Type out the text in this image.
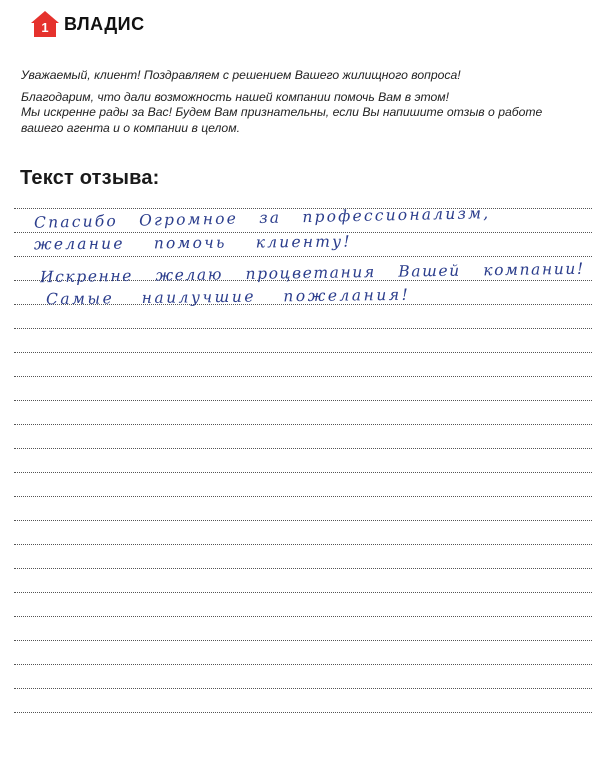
1 ВЛАДИС

Уважаемый, клиент! Поздравляем с решением Вашего жилищного вопроса!

Благодарим, что дали возможность нашей компании помочь Вам в этом!

Мы искренне рады за Вас! Будем Вам признательны, если Вы напишите отзыв о работе

вашего агента и о компании в целом.

Текст отзыва:
Спасибо Огромное за профессионализм,
желание помочь клиенту!
Искренне желаю процветания Вашей компании!
Самые наилучшие пожелания!
